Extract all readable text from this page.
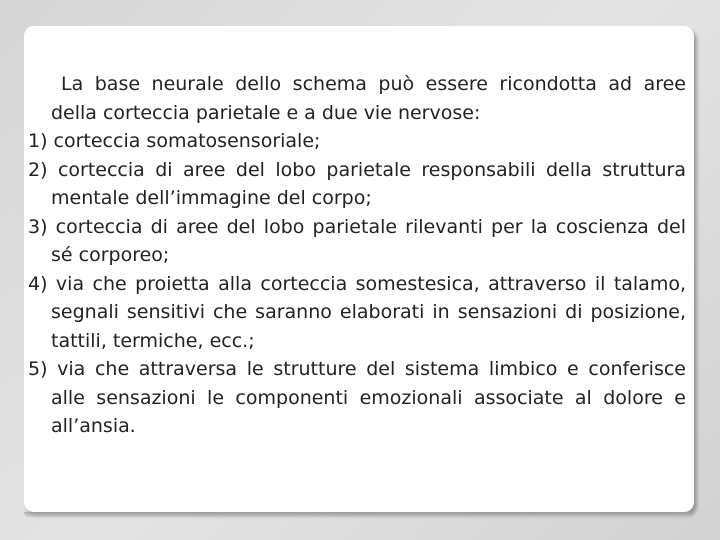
La base neurale dello schema può essere ricondotta ad aree della corteccia parietale e a due vie nervose:

1) corteccia somatosensoriale;

2) corteccia di aree del lobo parietale responsabili della struttura mentale dell’immagine del corpo;

3) corteccia di aree del lobo parietale rilevanti per la coscienza del sé corporeo;

4) via che proietta alla corteccia somestesica, attraverso il talamo, segnali sensitivi che saranno elaborati in sensazioni di posizione, tattili, termiche, ecc.;

5) via che attraversa le strutture del sistema limbico e conferisce alle sensazioni le componenti emozionali associate al dolore e all’ansia.
